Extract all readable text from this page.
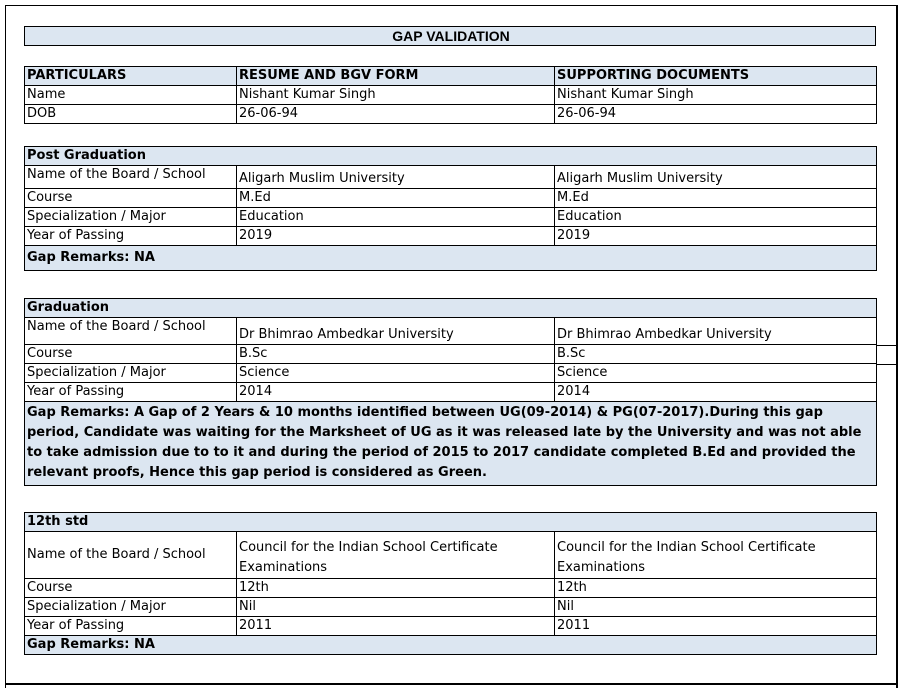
GAP VALIDATION
PARTICULARS	RESUME AND BGV FORM	SUPPORTING DOCUMENTS
Name	Nishant Kumar Singh	Nishant Kumar Singh
DOB	26-06-94	26-06-94
Post Graduation		
Name of the Board / School	Aligarh Muslim University	Aligarh Muslim University
Course	M.Ed	M.Ed
Specialization / Major	Education	Education
Year of Passing	2019	2019
Gap Remarks: NA		
Graduation		
Name of the Board / School	Dr Bhimrao Ambedkar University	Dr Bhimrao Ambedkar University
Course	B.Sc	B.Sc
Specialization / Major	Science	Science
Year of Passing	2014	2014
Gap Remarks: A Gap of 2 Years & 10 months identified between UG(09-2014) & PG(07-2017).During this gap period, Candidate was waiting for the Marksheet of UG as it was released late by the University and was not able to take admission due to to it and during the period of 2015 to 2017 candidate completed B.Ed and provided the relevant proofs, Hence this gap period is considered as Green.		
12th std		
Name of the Board / School	Council for the Indian School Certificate Examinations	Council for the Indian School Certificate Examinations
Course	12th	12th
Specialization / Major	Nil	Nil
Year of Passing	2011	2011
Gap Remarks: NA		
